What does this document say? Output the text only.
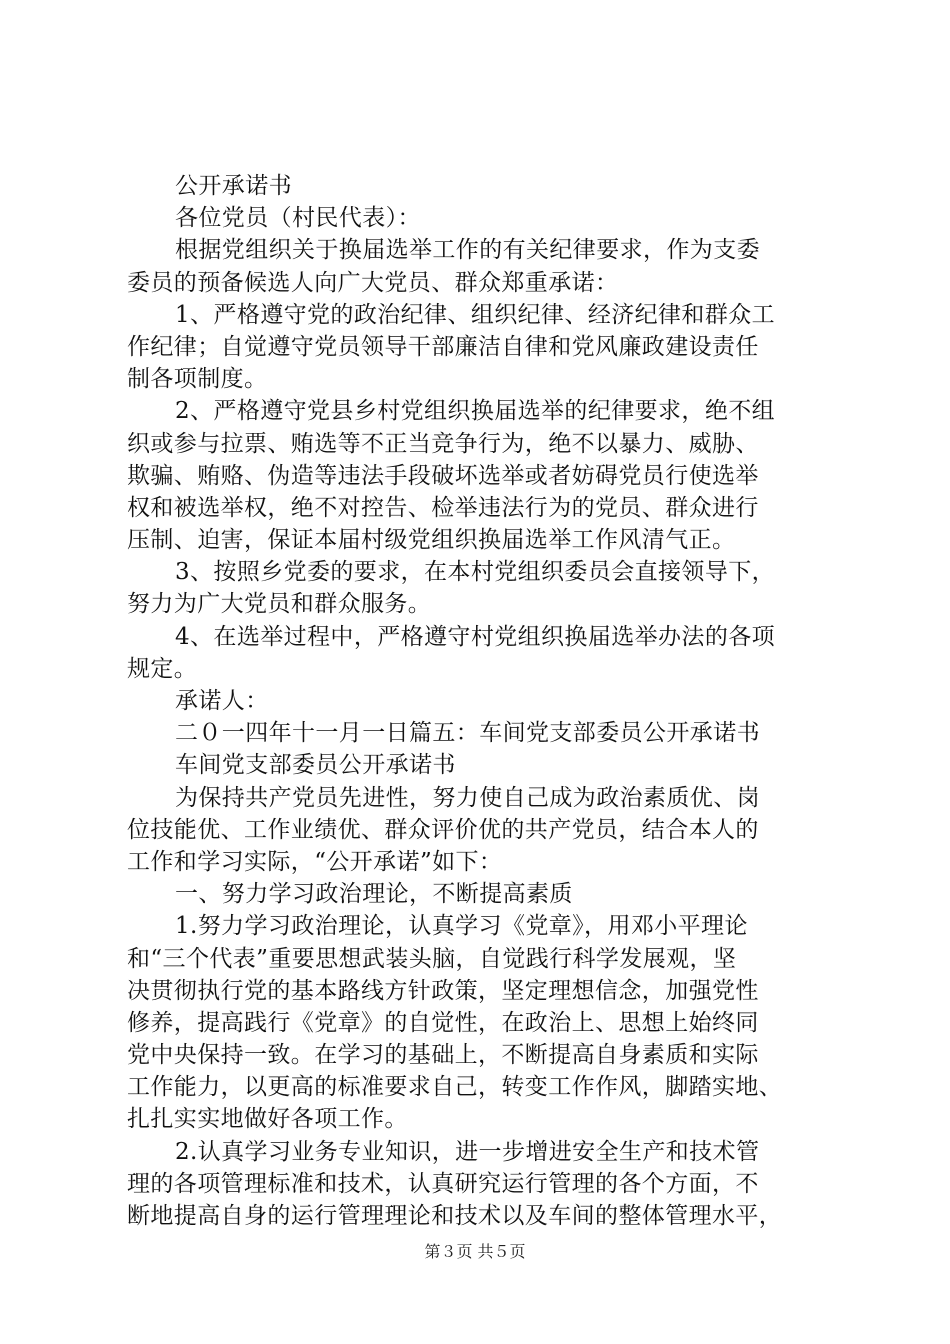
公开承诺书
各位党员（村民代表）：
根据党组织关于换届选举工作的有关纪律要求，作为支委
委员的预备候选人向广大党员、群众郑重承诺：
1、严格遵守党的政治纪律、组织纪律、经济纪律和群众工
作纪律；自觉遵守党员领导干部廉洁自律和党风廉政建设责任
制各项制度。
2、严格遵守党县乡村党组织换届选举的纪律要求，绝不组
织或参与拉票、贿选等不正当竞争行为，绝不以暴力、威胁、
欺骗、贿赂、伪造等违法手段破坏选举或者妨碍党员行使选举
权和被选举权，绝不对控告、检举违法行为的党员、群众进行
压制、迫害，保证本届村级党组织换届选举工作风清气正。
3、按照乡党委的要求，在本村党组织委员会直接领导下，
努力为广大党员和群众服务。
4、在选举过程中，严格遵守村党组织换届选举办法的各项
规定。
承诺人：
二０一四年十一月一日篇五：车间党支部委员公开承诺书
车间党支部委员公开承诺书
为保持共产党员先进性，努力使自己成为政治素质优、岗
位技能优、工作业绩优、群众评价优的共产党员，结合本人的
工作和学习实际，“公开承诺”如下：
一、努力学习政治理论，不断提高素质
1.努力学习政治理论，认真学习《党章》，用邓小平理论
和“三个代表”重要思想武装头脑，自觉践行科学发展观，坚
决贯彻执行党的基本路线方针政策，坚定理想信念，加强党性
修养，提高践行《党章》的自觉性，在政治上、思想上始终同
党中央保持一致。在学习的基础上，不断提高自身素质和实际
工作能力，以更高的标准要求自己，转变工作作风，脚踏实地、
扎扎实实地做好各项工作。
2.认真学习业务专业知识，进一步增进安全生产和技术管
理的各项管理标准和技术，认真研究运行管理的各个方面，不
断地提高自身的运行管理理论和技术以及车间的整体管理水平，
第３页 共５页
